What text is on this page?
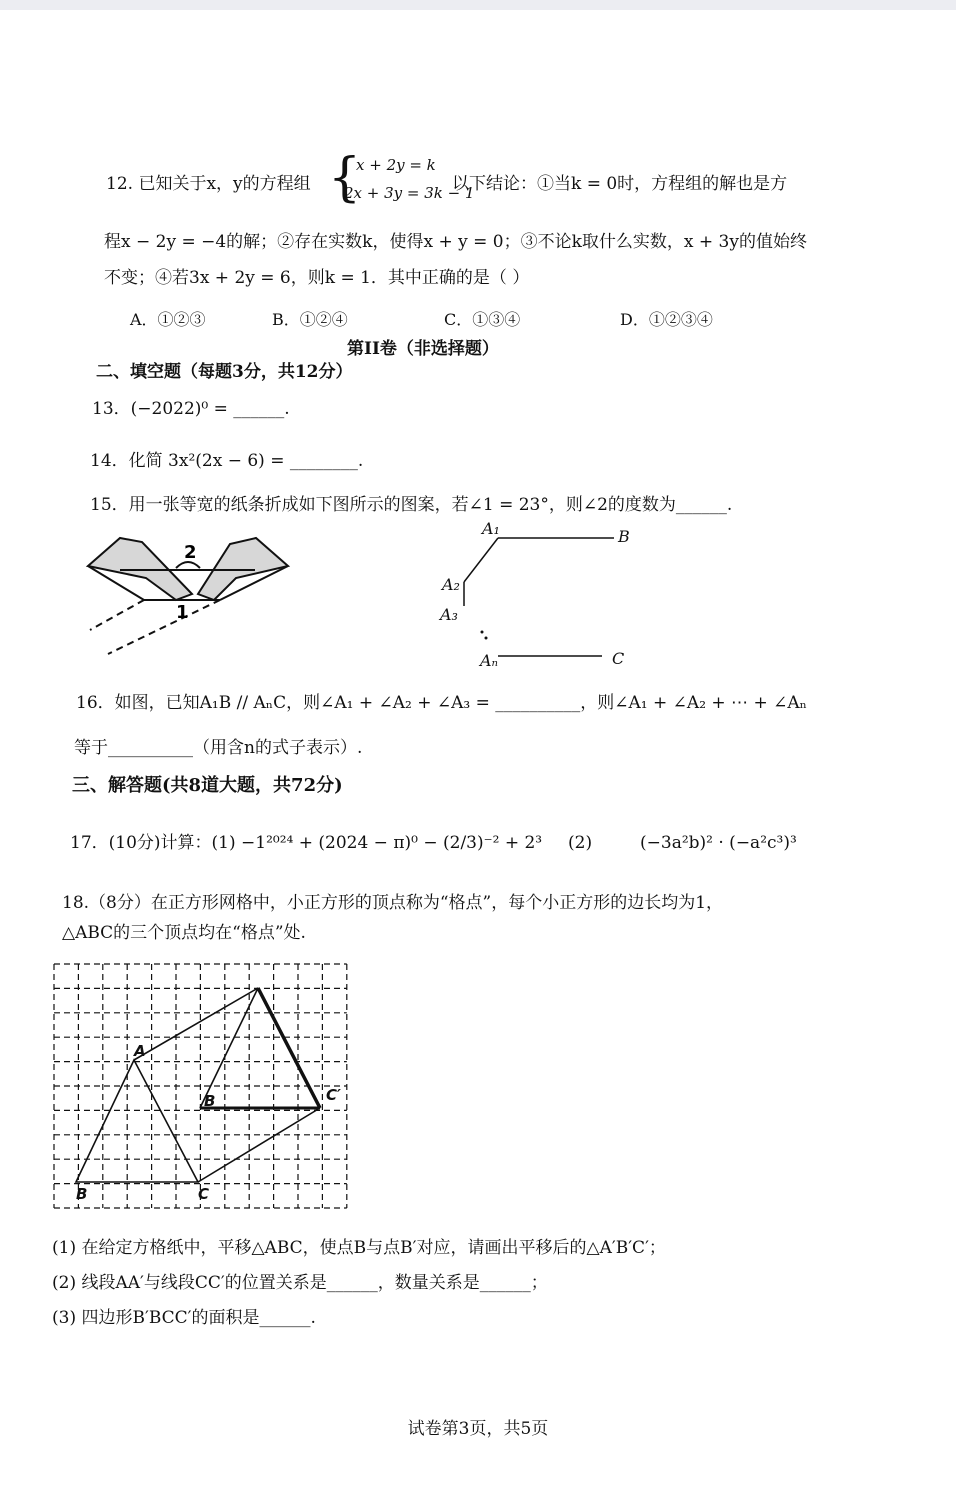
12. 已知关于x，y的方程组 {
x + 2y = k
2x + 3y = 3k − 1
以下结论：①当k = 0时，方程组的解也是方
程x − 2y = −4的解；②存在实数k，使得x + y = 0；③不论k取什么实数，x + 3y的值始终
不变；④若3x + 2y = 6，则k = 1．其中正确的是（ ）
A．①②③	B．①②④	C．①③④	D．①②③④
第II卷（非选择题）
二、填空题（每题3分，共12分）
13．(−2022)⁰ = ______.
14．化简 3x²(2x − 6) = ________.
15．用一张等宽的纸条折成如下图所示的图案，若∠1 = 23°，则∠2的度数为______.
2
1
A₁	B
A₂
A₃
Aₙ	C
16．如图，已知A₁B // AₙC，则∠A₁ + ∠A₂ + ∠A₃ = __________，则∠A₁ + ∠A₂ + ⋯ + ∠Aₙ
等于__________（用含n的式子表示）.
三、解答题(共8道大题，共72分)
17．(10分)计算：(1) −1²⁰²⁴ + (2024 − π)⁰ − (2/3)⁻² + 2³ (2)	(−3a²b)² · (−a²c³)³
18.（8分）在正方形网格中，小正方形的顶点称为“格点”，每个小正方形的边长均为1，
△ABC的三个顶点均在“格点”处.
A
B	C
B	C′
(1) 在给定方格纸中，平移△ABC，使点B与点B′对应，请画出平移后的△A′B′C′；
(2) 线段AA′与线段CC′的位置关系是______，数量关系是______；
(3) 四边形B′BCC′的面积是______.
试卷第3页，共5页
